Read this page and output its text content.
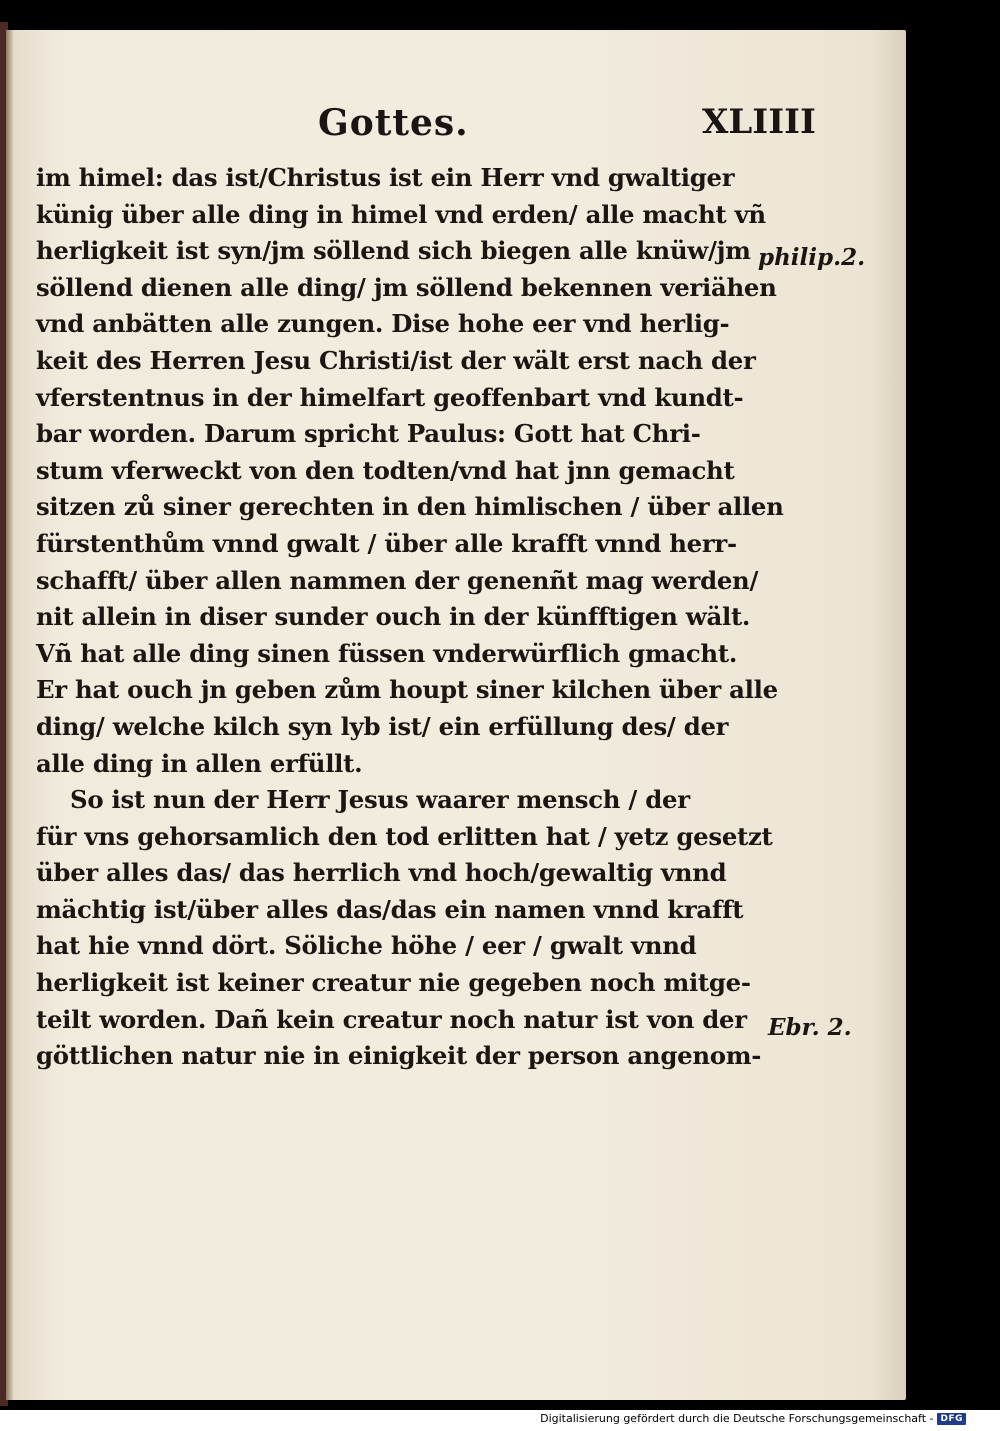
Gottes.	XLIIII
im himel: das ist/Christus ist ein Herr vnd gwaltiger
künig über alle ding in himel vnd erden/ alle macht vñ
herligkeit ist syn/jm söllend sich biegen alle knüw/jm
söllend dienen alle ding/ jm söllend bekennen veriähen
vnd anbätten alle zungen. Dise hohe eer vnd herlig-
keit des Herren Jesu Christi/ist der wält erst nach der
vferstentnus in der himelfart geoffenbart vnd kundt-
bar worden. Darum spricht Paulus: Gott hat Chri-
stum vferweckt von den todten/vnd hat jnn gemacht
sitzen zů siner gerechten in den himlischen / über allen
fürstenthům vnnd gwalt / über alle krafft vnnd herr-
schafft/ über allen nammen der genenñt mag werden/
nit allein in diser sunder ouch in der künfftigen wält.
Vñ hat alle ding sinen füssen vnderwürflich gmacht.
Er hat ouch jn geben zům houpt siner kilchen über alle
ding/ welche kilch syn lyb ist/ ein erfüllung des/ der
alle ding in allen erfüllt.
So ist nun der Herr Jesus waarer mensch / der
für vns gehorsamlich den tod erlitten hat / yetz gesetzt
über alles das/ das herrlich vnd hoch/gewaltig vnnd
mächtig ist/über alles das/das ein namen vnnd krafft
hat hie vnnd dört. Söliche höhe / eer / gwalt vnnd
herligkeit ist keiner creatur nie gegeben noch mitge-
teilt worden. Dañ kein creatur noch natur ist von der
göttlichen natur nie in einigkeit der person angenom-
philip.2.
Ebr. 2.
Digitalisierung gefördert durch die Deutsche Forschungsgemeinschaft - DFG
